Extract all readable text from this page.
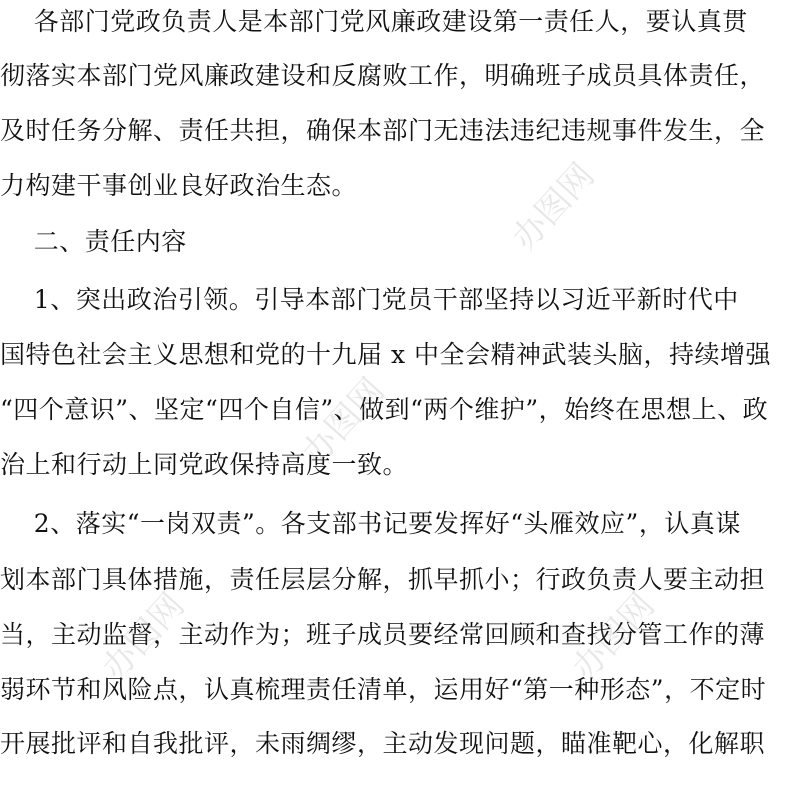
各部门党政负责人是本部门党风廉政建设第一责任人，要认真贯
彻落实本部门党风廉政建设和反腐败工作，明确班子成员具体责任，
及时任务分解、责任共担，确保本部门无违法违纪违规事件发生，全
力构建干事创业良好政治生态。
二、责任内容
1、突出政治引领。引导本部门党员干部坚持以习近平新时代中
国特色社会主义思想和党的十九届 x 中全会精神武装头脑，持续增强
“四个意识”、坚定“四个自信”、做到“两个维护”，始终在思想上、政
治上和行动上同党政保持高度一致。
2、落实“一岗双责”。各支部书记要发挥好“头雁效应”，认真谋
划本部门具体措施，责任层层分解，抓早抓小；行政负责人要主动担
当，主动监督，主动作为；班子成员要经常回顾和查找分管工作的薄
弱环节和风险点，认真梳理责任清单，运用好“第一种形态”，不定时
开展批评和自我批评，未雨绸缪，主动发现问题，瞄准靶心，化解职
办图网
办图网
办图网	办图网
